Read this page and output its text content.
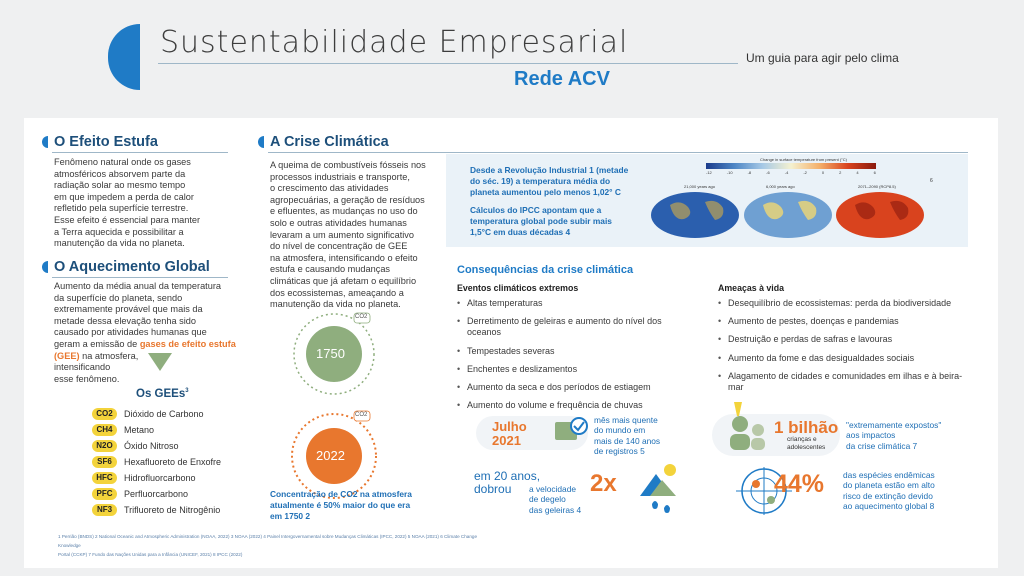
Sustentabilidade Empresarial
Rede ACV
Um guia para agir pelo clima
O Efeito Estufa
Fenômeno natural onde os gases
atmosféricos absorvem parte da
radiação solar ao mesmo tempo
em que impedem a perda de calor
refletido pela superfície terrestre.
Esse efeito é essencial para manter
a Terra aquecida e possibilitar a
manutenção da vida no planeta.
O Aquecimento Global
Aumento da média anual da temperatura
da superfície do planeta, sendo
extremamente provável que mais da
metade dessa elevação tenha sido
causado por atividades humanas que
geram a emissão de gases de efeito estufa
(GEE) na atmosfera,
intensificando
esse fenômeno.
Os GEEs$^3$
CO2	Dióxido de Carbono
CH4	Metano
N2O	Óxido Nitroso
SF6	Hexafluoreto de Enxofre
HFC	Hidrofluorcarbono
PFC	Perfluorcarbono
NF3	Trifluoreto de Nitrogênio
A Crise Climática
A queima de combustíveis fósseis nos
processos industriais e transporte,
o crescimento das atividades
agropecuárias, a geração de resíduos
e efluentes, as mudanças no uso do
solo e outras atividades humanas
levaram a um aumento significativo
do nível de concentração de GEE
na atmosfera, intensificando o efeito
estufa e causando mudanças
climáticas que já afetam o equilíbrio
dos ecossistemas, ameaçando a
manutenção da vida no planeta.
CO2
CO2
1750
2022
Concentração de CO2 na atmosfera
atualmente é 50% maior do que era
em 1750 2
Desde a Revolução Industrial 1 (metade
do séc. 19) a temperatura média do
planeta aumentou pelo menos 1,02° C
Cálculos do IPCC apontam que a
temperatura global pode subir mais
1,5°C em duas décadas 4
Change in surface temperature from present (°C)
-12	-10	-8	-6	-4	-2	0	2	4	6
21,000 years ago	6,000 years ago	2071–2090 (RCP8.5)
6
Consequências da crise climática
Eventos climáticos extremos
• Altas temperaturas
• Derretimento de geleiras e aumento do nível dos oceanos
• Tempestades severas
• Enchentes e deslizamentos
• Aumento da seca e dos períodos de estiagem
• Aumento do volume e frequência de chuvas
Ameaças à vida
• Desequilíbrio de ecossistemas: perda da biodiversidade
• Aumento de pestes, doenças e pandemias
• Destruição e perdas de safras e lavouras
• Aumento da fome e das desigualdades sociais
• Alagamento de cidades e comunidades em ilhas e à beira-mar
Julho
2021
mês mais quente
do mundo em
mais de 140 anos
de registros 5
em 20 anos,
dobrou	2x
a velocidade
de degelo
das geleiras 4
1 bilhão
crianças e
adolescentes
"extremamente expostos"
aos impactos
da crise climática 7
44% das espécies endêmicas
do planeta estão em alto
risco de extinção devido
ao aquecimento global 8
1 Perrião (BNDS) 2 National Oceanic and Atmospheric Administration (NOAA, 2022) 3 NOAA (2022) 4 Painel Intergovernamental sobre Mudanças Climáticas (IPCC, 2022) 5 NOAA (2021) 6 Climate Change Knowledge
Portal (CCKP) 7 Fundo das Nações Unidas para a Infância (UNICEF, 2021) 8 IPCC (2022)
